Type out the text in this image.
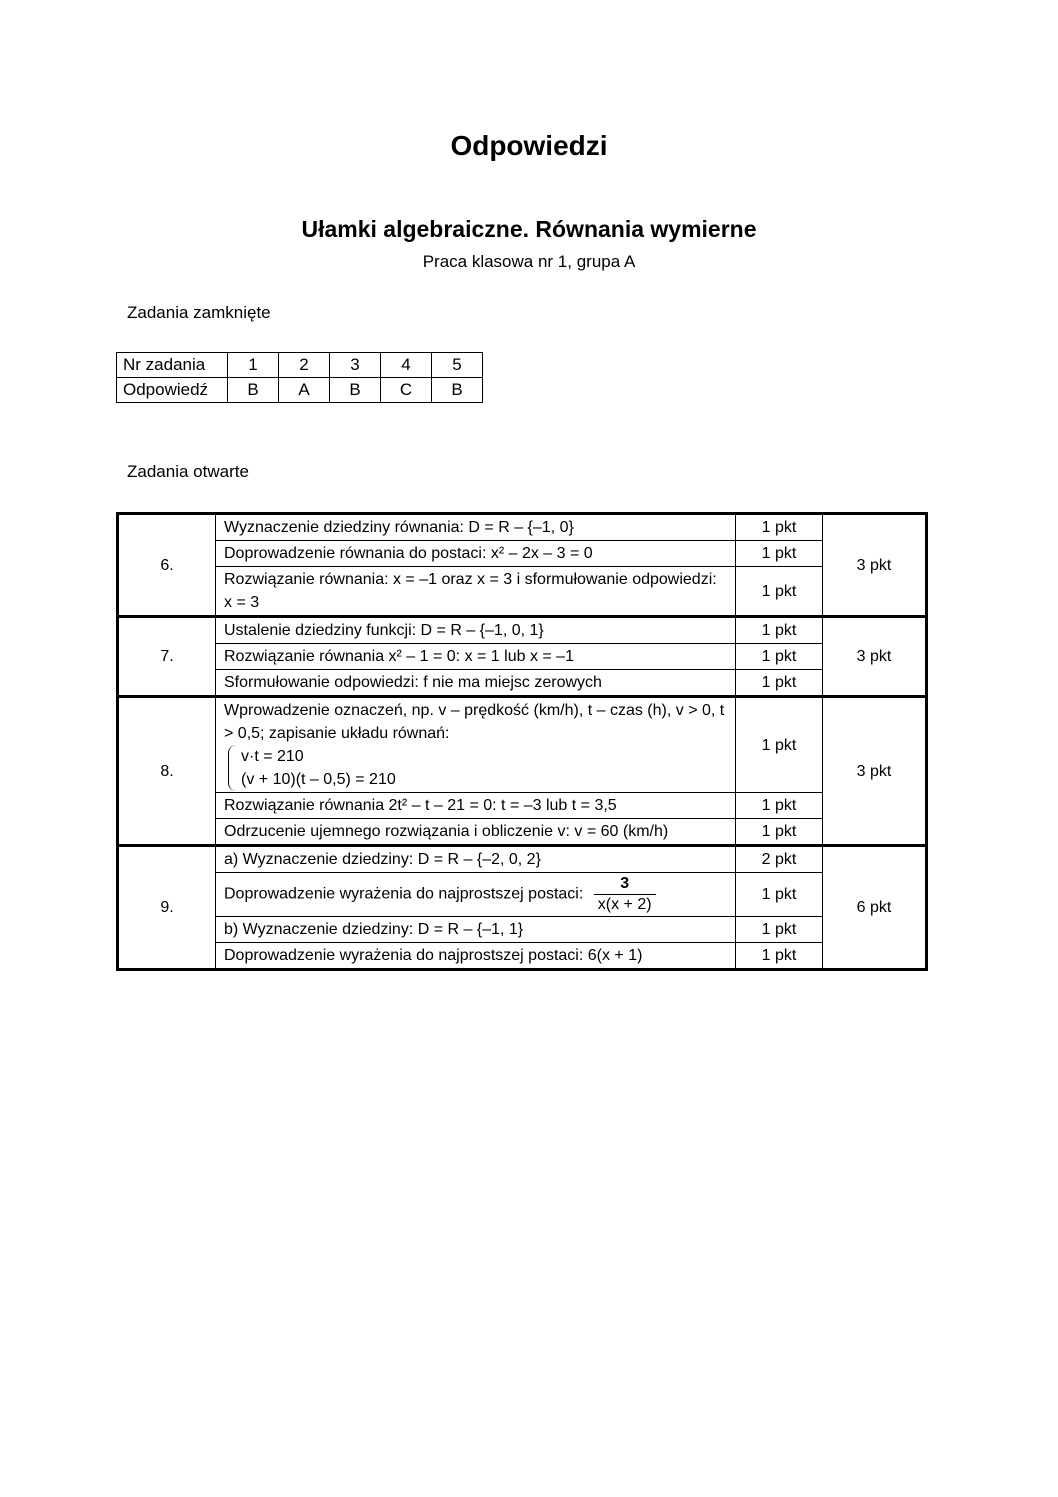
Odpowiedzi
Ułamki algebraiczne. Równania wymierne
Praca klasowa nr 1, grupa A
Zadania zamknięte
Nr zadania	1	2	3	4	5
Odpowiedź	B	A	B	C	B
Zadania otwarte
6.	Wyznaczenie dziedziny równania: D = R – {–1, 0}	1 pkt	3 pkt
	Doprowadzenie równania do postaci: x² – 2x – 3 = 0	1 pkt	
	Rozwiązanie równania: x = –1 oraz x = 3 i sformułowanie odpowiedzi: x = 3	1 pkt	
7.	Ustalenie dziedziny funkcji: D = R – {–1, 0, 1}	1 pkt	3 pkt
	Rozwiązanie równania x² – 1 = 0: x = 1 lub x = –1	1 pkt	
	Sformułowanie odpowiedzi: f nie ma miejsc zerowych	1 pkt	
8.	Wprowadzenie oznaczeń, np. v – prędkość (km/h), t – czas (h), v > 0, t > 0,5; zapisanie układu równań:
v·t = 210
(v + 10)(t – 0,5) = 210	1 pkt	3 pkt
	Rozwiązanie równania 2t² – t – 21 = 0: t = –3 lub t = 3,5	1 pkt	
	Odrzucenie ujemnego rozwiązania i obliczenie v: v = 60 (km/h)	1 pkt	
9.	a) Wyznaczenie dziedziny: D = R – {–2, 0, 2}	2 pkt	6 pkt
	Doprowadzenie wyrażenia do najprostszej postaci: $\frac{3}{x(x + 2)}$	1 pkt	
	b) Wyznaczenie dziedziny: D = R – {–1, 1}	1 pkt	
	Doprowadzenie wyrażenia do najprostszej postaci: 6(x + 1)	1 pkt	
